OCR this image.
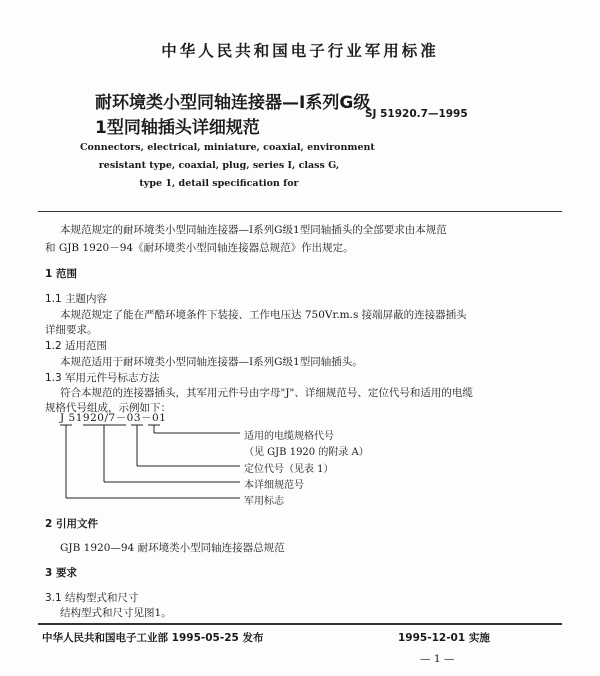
中华人民共和国电子行业军用标准
耐环境类小型同轴连接器—Ⅰ系列G级
1型同轴插头详细规范
SJ 51920.7—1995
Connectors, electrical, miniature, coaxial, environment
resistant type, coaxial, plug, series Ⅰ, class G,
type 1, detail specification for
本规范规定的耐环境类小型同轴连接器—Ⅰ系列G级1型同轴插头的全部要求由本规范
和 GJB 1920－94《耐环境类小型同轴连接器总规范》作出规定。
1 范围
1.1 主题内容
本规范规定了能在严酷环境条件下装接、工作电压达 750Vr.m.s 接端屏蔽的连接器插头
详细要求。
1.2 适用范围
本规范适用于耐环境类小型同轴连接器—Ⅰ系列G级1型同轴插头。
1.3 军用元件号标志方法
符合本规范的连接器插头，其军用元件号由字母"J"、详细规范号、定位代号和适用的电缆
规格代号组成，示例如下：
J 51920/7－03－01
适用的电缆规格代号
（见 GJB 1920 的附录 A）
定位代号（见表 1）
本详细规范号
军用标志
2 引用文件
GJB 1920—94 耐环境类小型同轴连接器总规范
3 要求
3.1 结构型式和尺寸
结构型式和尺寸见图1。
中华人民共和国电子工业部 1995-05-25 发布	1995-12-01 实施
— 1 —
